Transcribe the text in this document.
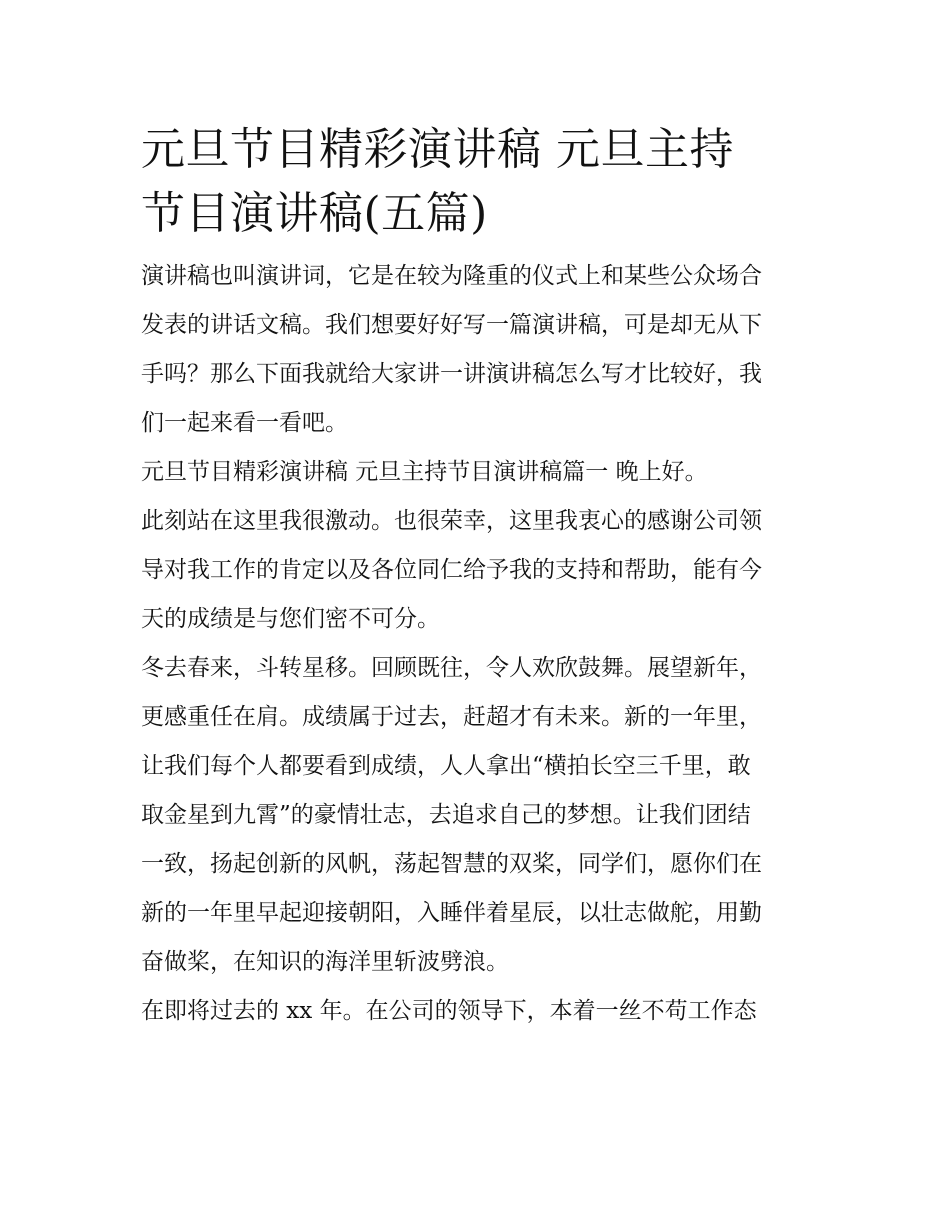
元旦节目精彩演讲稿 元旦主持
节目演讲稿(五篇)

演讲稿也叫演讲词，它是在较为隆重的仪式上和某些公众场合
发表的讲话文稿。我们想要好好写一篇演讲稿，可是却无从下
手吗？那么下面我就给大家讲一讲演讲稿怎么写才比较好，我
们一起来看一看吧。

元旦节目精彩演讲稿 元旦主持节目演讲稿篇一 晚上好。

此刻站在这里我很激动。也很荣幸，这里我衷心的感谢公司领
导对我工作的肯定以及各位同仁给予我的支持和帮助，能有今
天的成绩是与您们密不可分。

冬去春来，斗转星移。回顾既往，令人欢欣鼓舞。展望新年，
更感重任在肩。成绩属于过去，赶超才有未来。新的一年里，
让我们每个人都要看到成绩，人人拿出“横拍长空三千里，敢
取金星到九霄”的豪情壮志，去追求自己的梦想。让我们团结
一致，扬起创新的风帆，荡起智慧的双桨，同学们，愿你们在
新的一年里早起迎接朝阳，入睡伴着星辰，以壮志做舵，用勤
奋做桨，在知识的海洋里斩波劈浪。

在即将过去的 xx 年。在公司的领导下，本着一丝不苟工作态
